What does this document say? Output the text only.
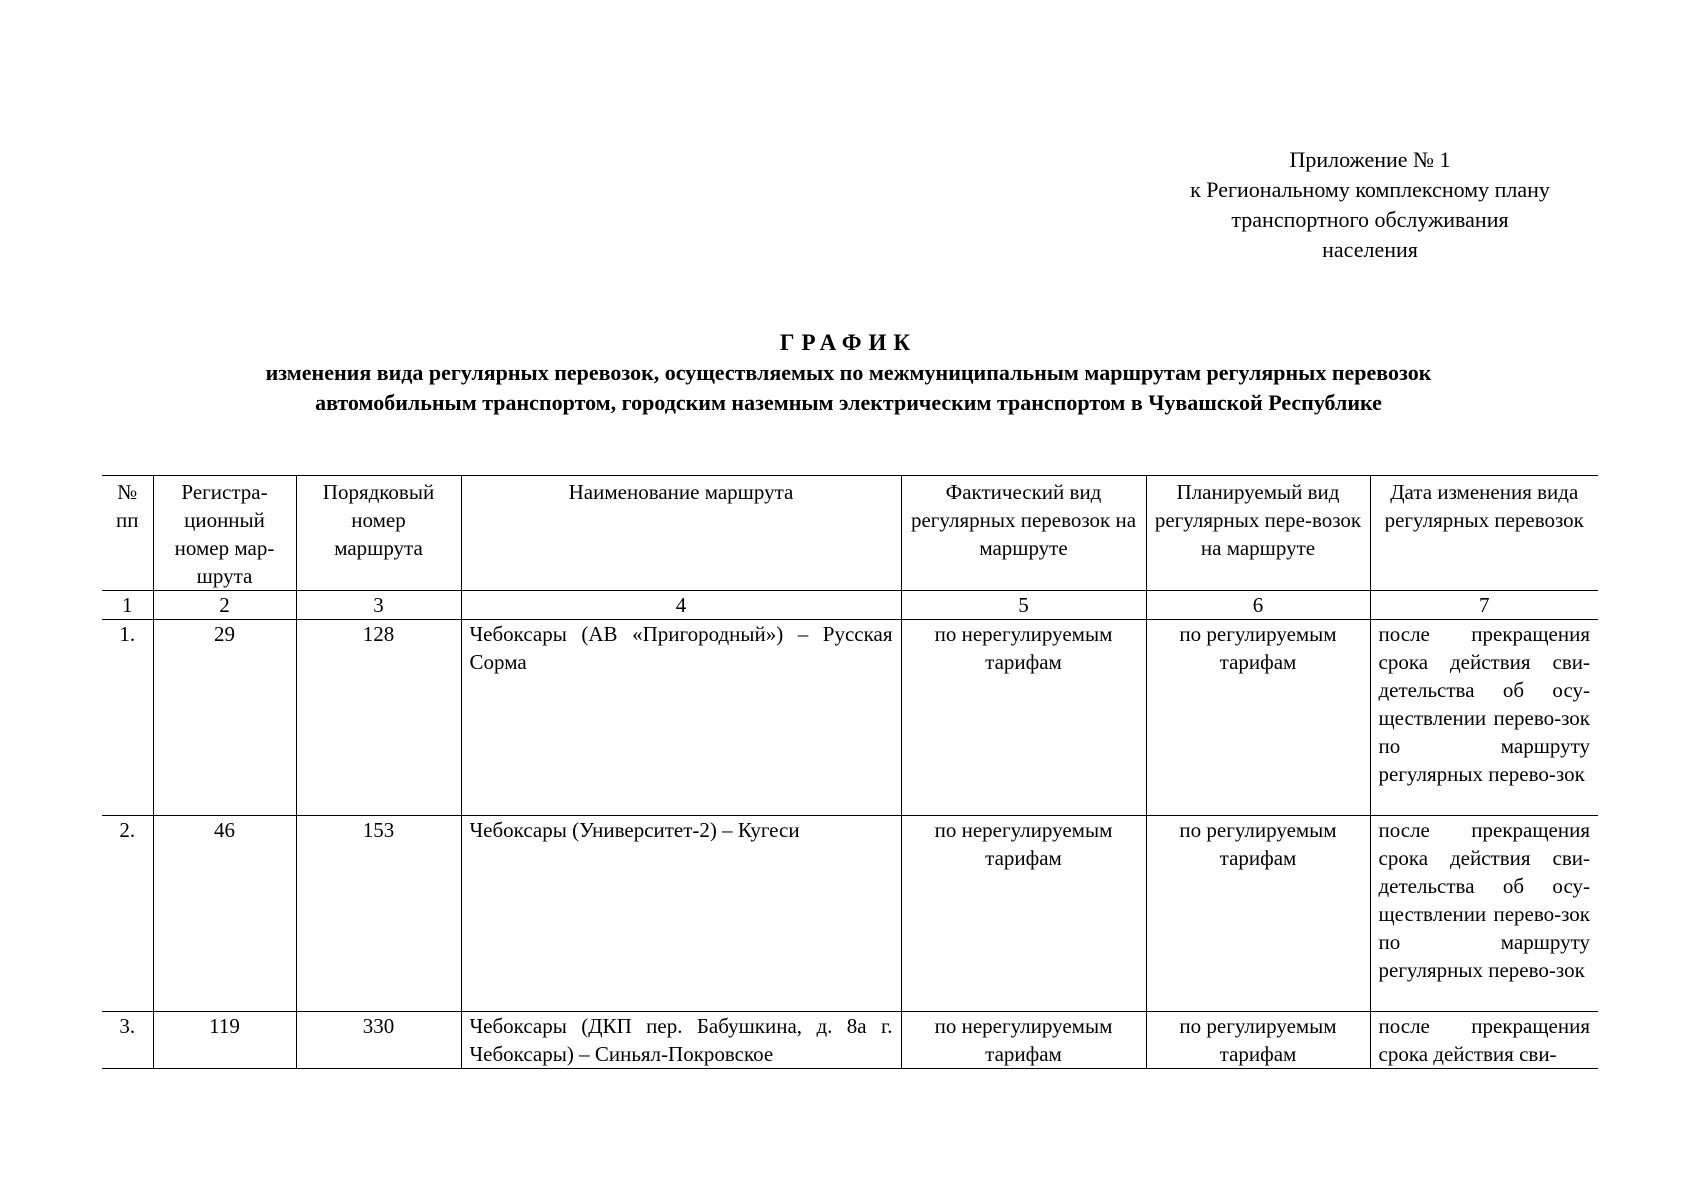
Приложение № 1
к Региональному комплексному плану
транспортного обслуживания
населения
ГРАФИК
изменения вида регулярных перевозок, осуществляемых по межмуниципальным маршрутам регулярных перевозок
автомобильным транспортом, городским наземным электрическим транспортом в Чувашской Республике
№ пп	Регистра-ционный номер мар-шрута	Порядковый номер маршрута	Наименование маршрута	Фактический вид регулярных перевозок на маршруте	Планируемый вид регулярных пере-возок на маршруте	Дата изменения вида регулярных перевозок
1	2	3	4	5	6	7
1.	29	128	Чебоксары (АВ «Пригородный») – Русская Сорма	по нерегулируемым тарифам	по регулируемым тарифам	после прекращения срока действия сви-детельства об осу-ществлении перево-зок по маршруту регулярных перево-зок
2.	46	153	Чебоксары (Университет-2) – Кугеси	по нерегулируемым тарифам	по регулируемым тарифам	после прекращения срока действия сви-детельства об осу-ществлении перево-зок по маршруту регулярных перево-зок
3.	119	330	Чебоксары (ДКП пер. Бабушкина, д. 8а г. Чебоксары) – Синьял-Покровское	по нерегулируемым тарифам	по регулируемым тарифам	после прекращения срока действия сви-
